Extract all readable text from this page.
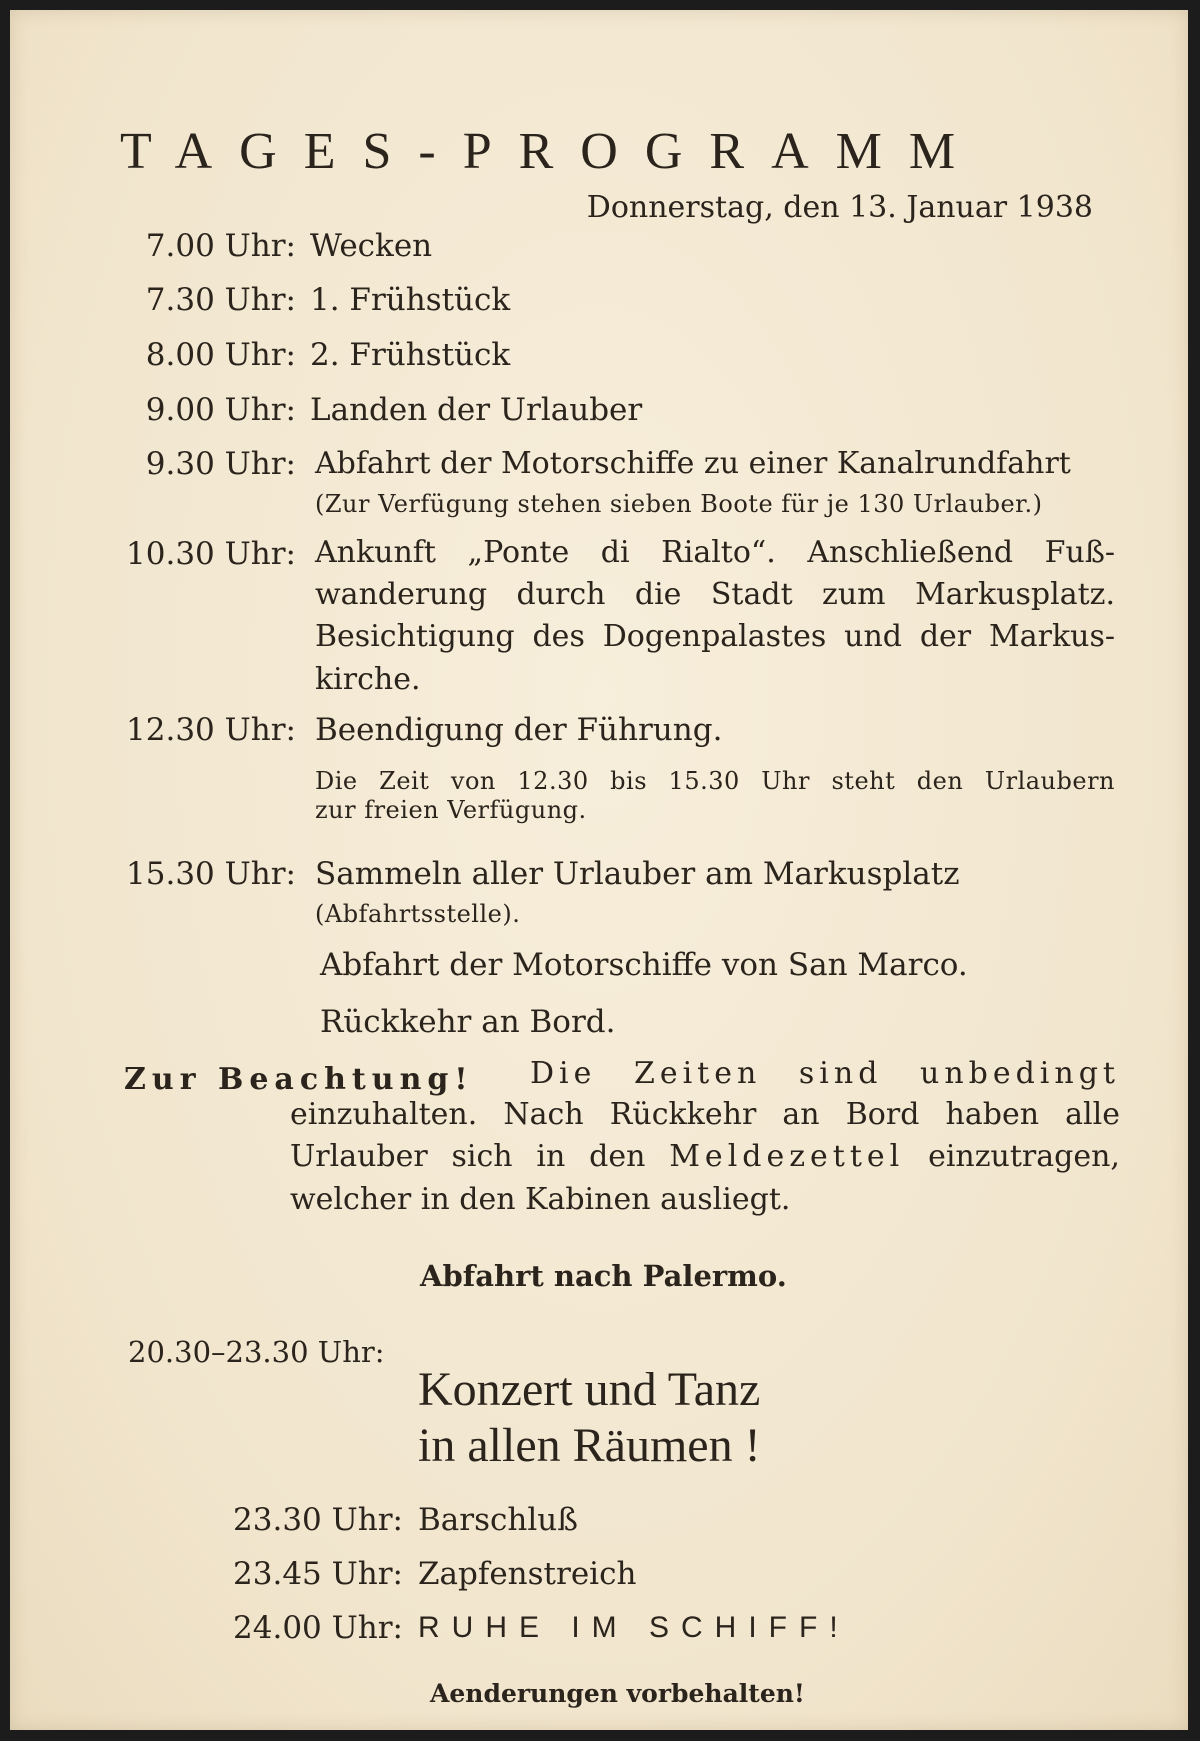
TAGES-PROGRAMM
Donnerstag, den 13. Januar 1938
7.00 Uhr: Wecken
7.30 Uhr: 1. Frühstück
8.00 Uhr: 2. Frühstück
9.00 Uhr: Landen der Urlauber
9.30 Uhr: Abfahrt der Motorschiffe zu einer Kanalrundfahrt
(Zur Verfügung stehen sieben Boote für je 130 Urlauber.)
10.30 Uhr: Ankunft „Ponte di Rialto“. Anschließend Fuß-
wanderung durch die Stadt zum Markusplatz.
Besichtigung des Dogenpalastes und der Markus-
kirche.
12.30 Uhr: Beendigung der Führung.
Die Zeit von 12.30 bis 15.30 Uhr steht den Urlaubern
zur freien Verfügung.
15.30 Uhr: Sammeln aller Urlauber am Markusplatz
(Abfahrtsstelle).
Abfahrt der Motorschiffe von San Marco.
Rückkehr an Bord.
Zur Beachtung! Die Zeiten sind unbedingt
einzuhalten. Nach Rückkehr an Bord haben alle
Urlauber sich in den Meldezettel einzutragen,
welcher in den Kabinen ausliegt.
Abfahrt nach Palermo.
20.30–23.30 Uhr:
Konzert und Tanz
in allen Räumen !
23.30 Uhr: Barschluß
23.45 Uhr: Zapfenstreich
24.00 Uhr: RUHE IM SCHIFF!
Aenderungen vorbehalten!
